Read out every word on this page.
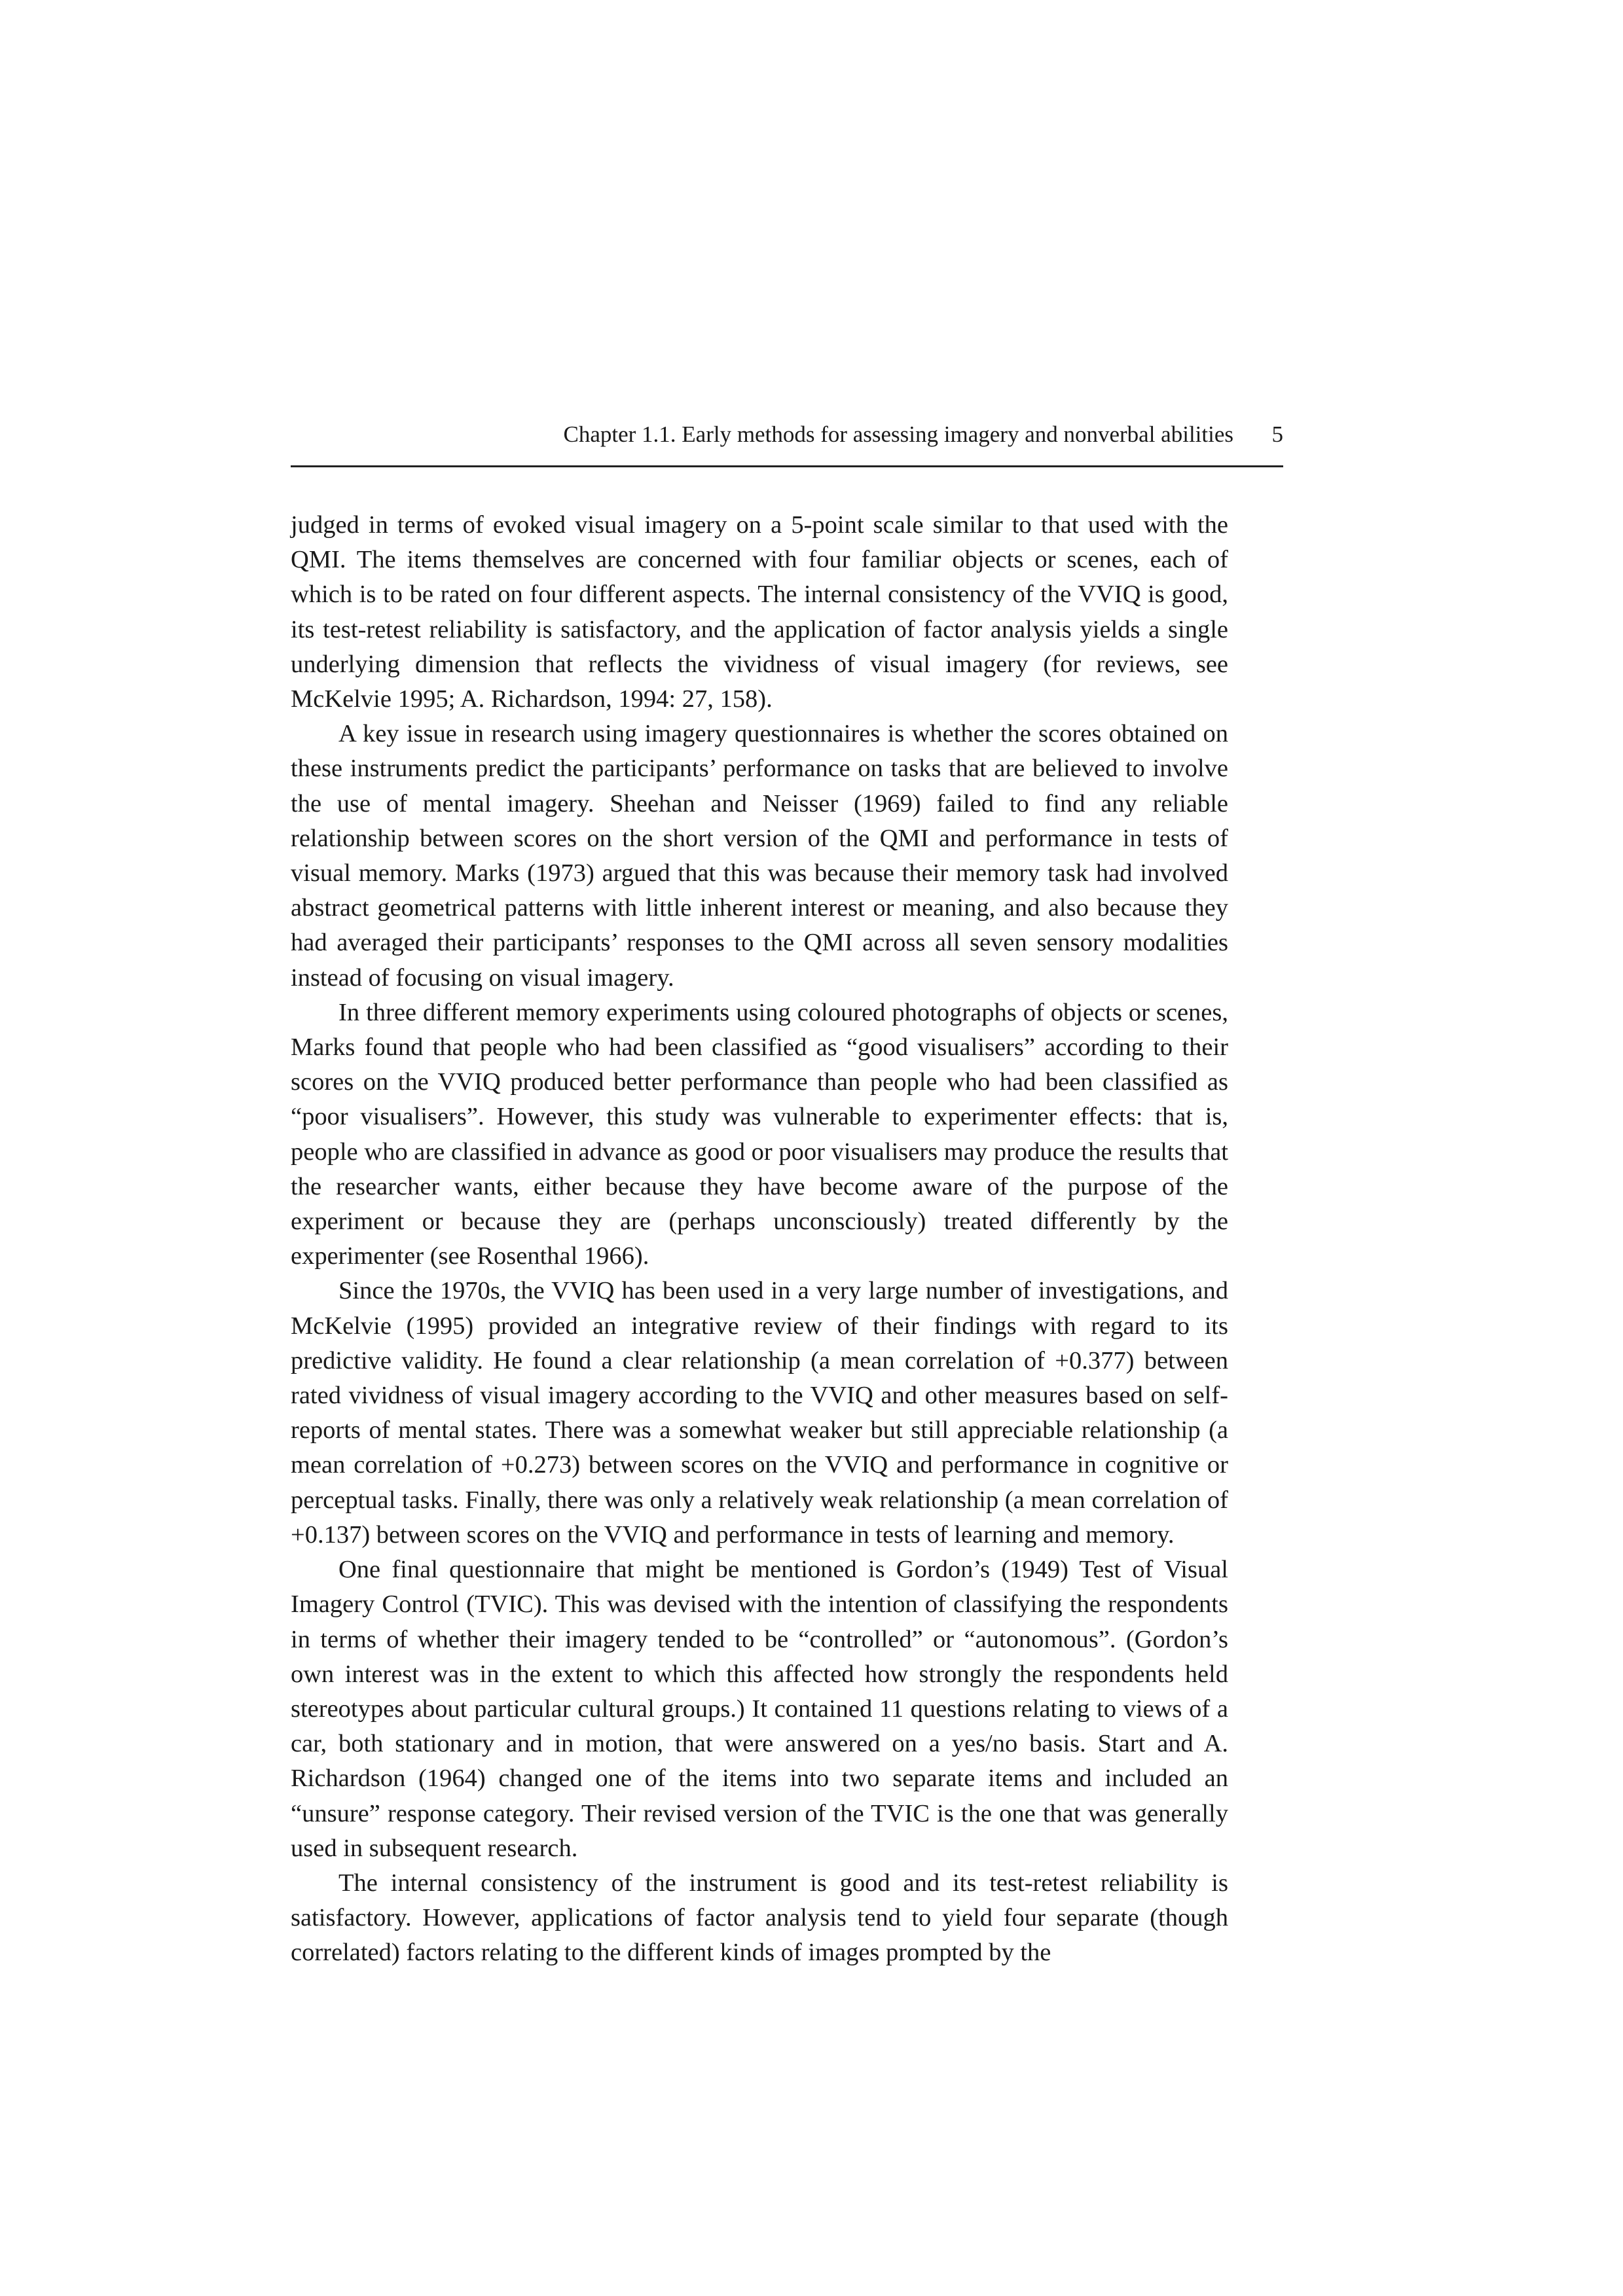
Chapter 1.1. Early methods for assessing imagery and nonverbal abilities 5

judged in terms of evoked visual imagery on a 5-point scale similar to that used with the QMI. The items themselves are concerned with four familiar objects or scenes, each of which is to be rated on four different aspects. The internal consistency of the VVIQ is good, its test-retest reliability is satisfactory, and the application of factor analysis yields a single underlying dimension that reflects the vividness of visual imagery (for reviews, see McKelvie 1995; A. Richardson, 1994: 27, 158).

A key issue in research using imagery questionnaires is whether the scores obtained on these instruments predict the participants’ performance on tasks that are believed to involve the use of mental imagery. Sheehan and Neisser (1969) failed to find any reliable relationship between scores on the short version of the QMI and performance in tests of visual memory. Marks (1973) argued that this was because their memory task had involved abstract geometrical patterns with little inherent interest or meaning, and also because they had averaged their participants’ responses to the QMI across all seven sensory modalities instead of focusing on visual imagery.

In three different memory experiments using coloured photographs of objects or scenes, Marks found that people who had been classified as “good visualisers” according to their scores on the VVIQ produced better performance than people who had been classified as “poor visualisers”. However, this study was vulnerable to experimenter effects: that is, people who are classified in advance as good or poor visualisers may produce the results that the researcher wants, either because they have become aware of the purpose of the experiment or because they are (perhaps unconsciously) treated differently by the experimenter (see Rosenthal 1966).

Since the 1970s, the VVIQ has been used in a very large number of investigations, and McKelvie (1995) provided an integrative review of their findings with regard to its predictive validity. He found a clear relationship (a mean correlation of +0.377) between rated vividness of visual imagery according to the VVIQ and other measures based on self-reports of mental states. There was a somewhat weaker but still appreciable relationship (a mean correlation of +0.273) between scores on the VVIQ and performance in cognitive or perceptual tasks. Finally, there was only a relatively weak relationship (a mean correlation of +0.137) between scores on the VVIQ and performance in tests of learning and memory.

One final questionnaire that might be mentioned is Gordon’s (1949) Test of Visual Imagery Control (TVIC). This was devised with the intention of classifying the respondents in terms of whether their imagery tended to be “controlled” or “autonomous”. (Gordon’s own interest was in the extent to which this affected how strongly the respondents held stereotypes about particular cultural groups.) It contained 11 questions relating to views of a car, both stationary and in motion, that were answered on a yes/no basis. Start and A. Richardson (1964) changed one of the items into two separate items and included an “unsure” response category. Their revised version of the TVIC is the one that was generally used in subsequent research.

The internal consistency of the instrument is good and its test-retest reliability is satisfactory. However, applications of factor analysis tend to yield four separate (though correlated) factors relating to the different kinds of images prompted by the
